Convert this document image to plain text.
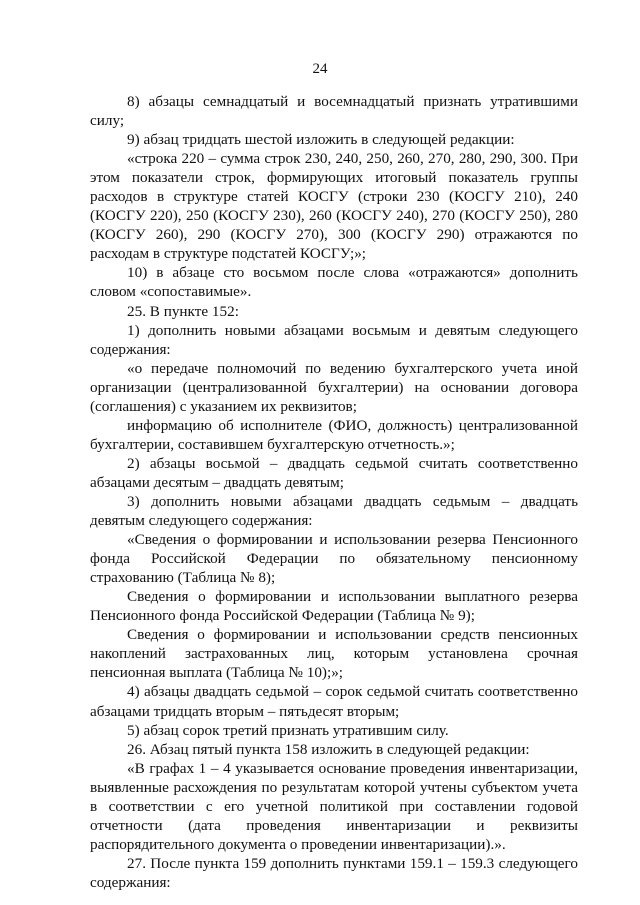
24

8) абзацы семнадцатый и восемнадцатый признать утратившими силу;

9) абзац тридцать шестой изложить в следующей редакции:

«строка 220 – сумма строк 230, 240, 250, 260, 270, 280, 290, 300. При этом показатели строк, формирующих итоговый показатель группы расходов в структуре статей КОСГУ (строки 230 (КОСГУ 210), 240 (КОСГУ 220), 250 (КОСГУ 230), 260 (КОСГУ 240), 270 (КОСГУ 250), 280 (КОСГУ 260), 290 (КОСГУ 270), 300 (КОСГУ 290) отражаются по расходам в структуре подстатей КОСГУ;»;

10) в абзаце сто восьмом после слова «отражаются» дополнить словом «сопоставимые».

25. В пункте 152:

1) дополнить новыми абзацами восьмым и девятым следующего содержания:

«о передаче полномочий по ведению бухгалтерского учета иной организации (централизованной бухгалтерии) на основании договора (соглашения) с указанием их реквизитов;

информацию об исполнителе (ФИО, должность) централизованной бухгалтерии, составившем бухгалтерскую отчетность.»;

2) абзацы восьмой – двадцать седьмой считать соответственно абзацами десятым – двадцать девятым;

3) дополнить новыми абзацами двадцать седьмым – двадцать девятым следующего содержания:

«Сведения о формировании и использовании резерва Пенсионного фонда Российской Федерации по обязательному пенсионному страхованию (Таблица № 8);

Сведения о формировании и использовании выплатного резерва Пенсионного фонда Российской Федерации (Таблица № 9);

Сведения о формировании и использовании средств пенсионных накоплений застрахованных лиц, которым установлена срочная пенсионная выплата (Таблица № 10);»;

4) абзацы двадцать седьмой – сорок седьмой считать соответственно абзацами тридцать вторым – пятьдесят вторым;

5) абзац сорок третий признать утратившим силу.

26. Абзац пятый пункта 158 изложить в следующей редакции:

«В графах 1 – 4 указывается основание проведения инвентаризации, выявленные расхождения по результатам которой учтены субъектом учета в соответствии с его учетной политикой при составлении годовой отчетности (дата проведения инвентаризации и реквизиты распорядительного документа о проведении инвентаризации).».

27. После пункта 159 дополнить пунктами 159.1 – 159.3 следующего содержания:
